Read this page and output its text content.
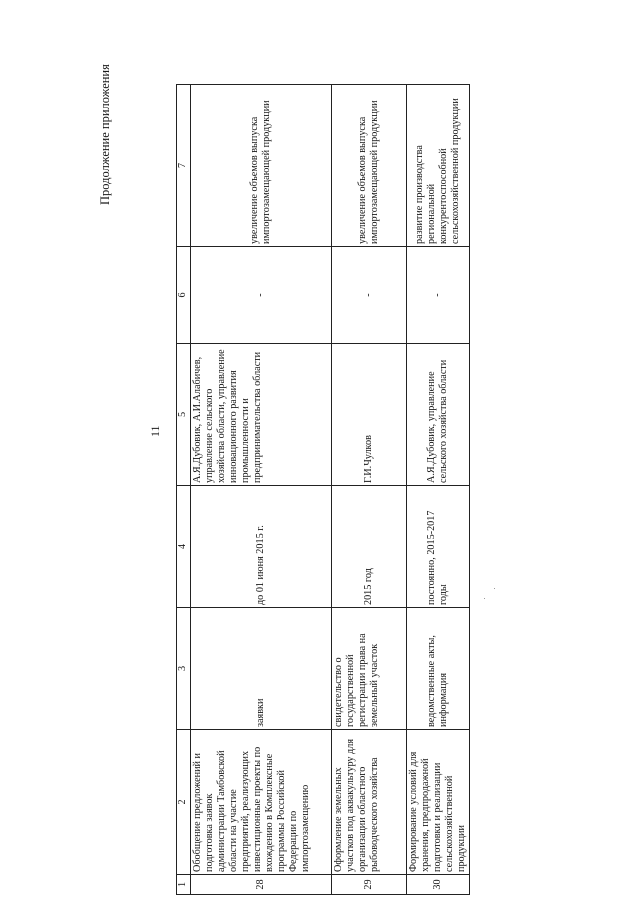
Продолжение приложения
11
1	2	3	4	5	6	7
28	Обобщение предложений и подготовка заявок администрации Тамбовской области на участие предприятий, реализующих инвестиционные проекты по вхождению в Комплексные программы Российской Федерации по импортозамещению	заявки	до 01 июня 2015 г.	А.Я.Дубовик, А.И.Алабичев, управление сельского хозяйства области, управление инновационного развития промышленности и предпринимательства области	-	увеличение объемов выпуска импортозамещающей продукции
29	Оформление земельных участков под аквакультуру для организации областного рыбоводческого хозяйства	свидетельство о государственной регистрации права на земельный участок	2015 год	Г.И.Чулков	-	увеличение объемов выпуска импортозамещающей продукции
30	Формирование условий для хранения, предпродажной подготовки и реализации сельскохозяйственной продукции	ведомственные акты, информация	постоянно, 2015-2017 годы	А.Я.Дубовик, управление сельского хозяйства области	-	развитие производства региональной конкурентоспособной сельскохозяйственной продукции
